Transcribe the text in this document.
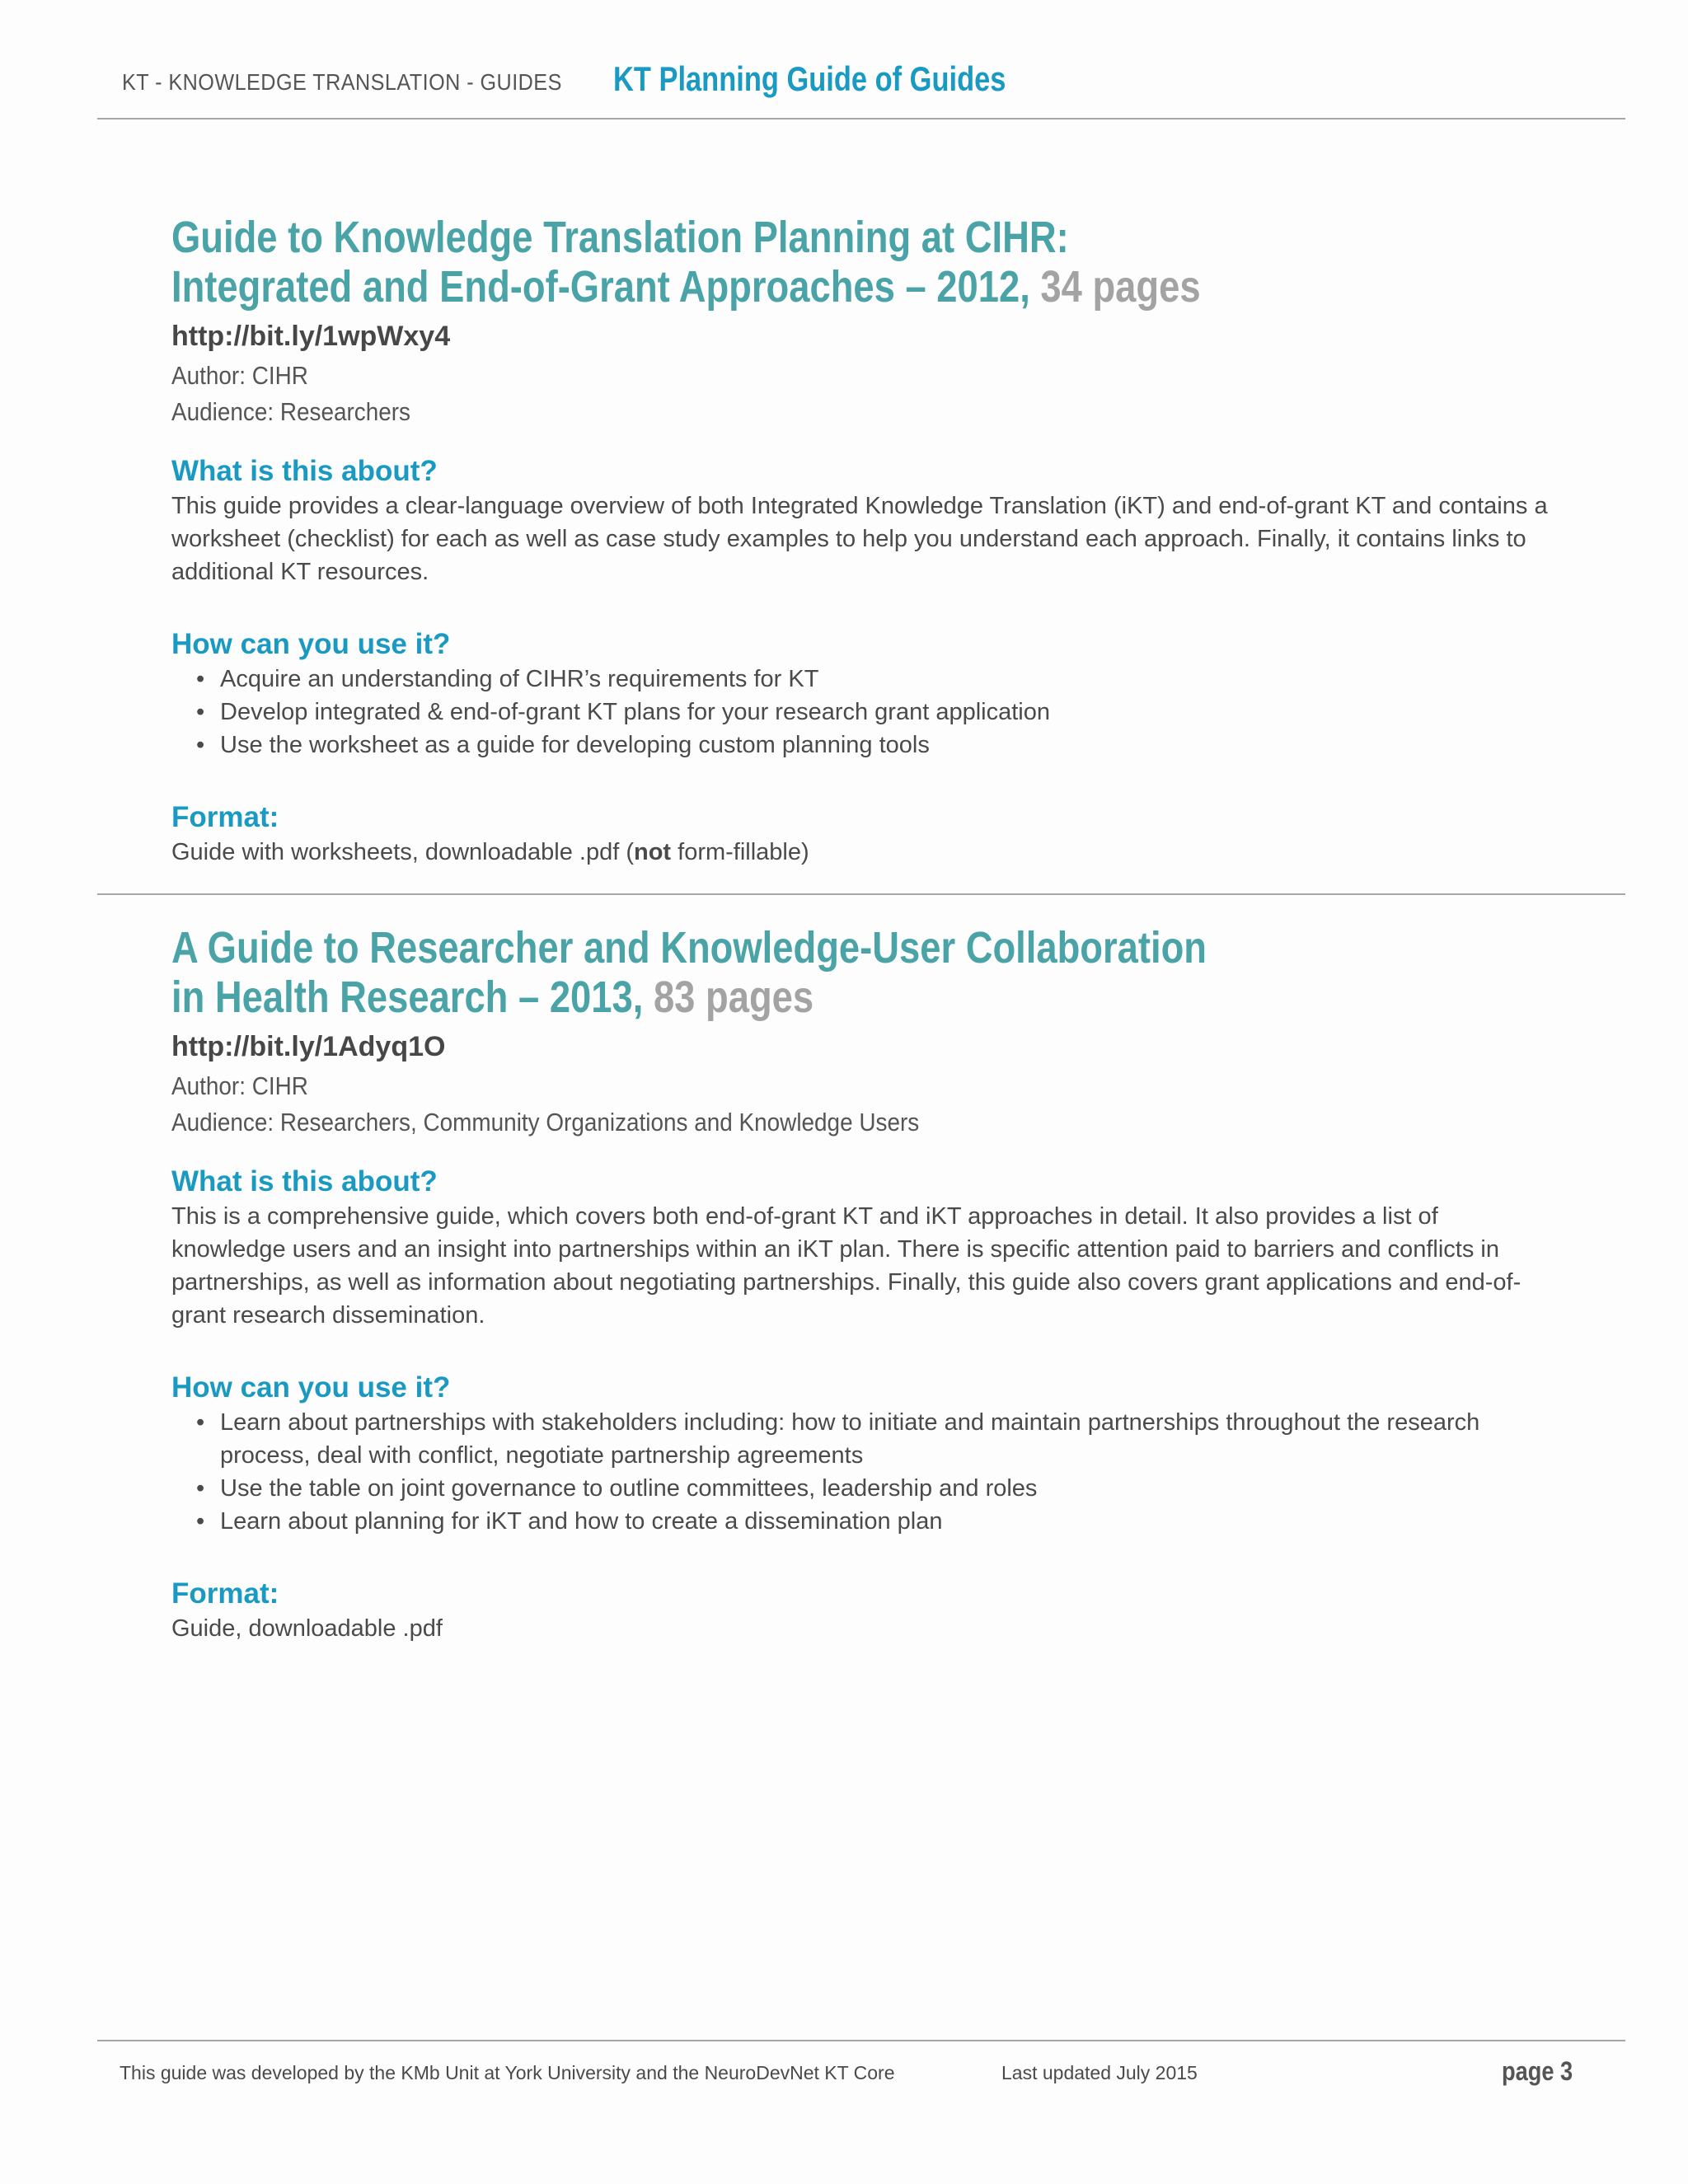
KT - KNOWLEDGE TRANSLATION - GUIDES KT Planning Guide of Guides
Guide to Knowledge Translation Planning at CIHR:
Integrated and End-of-Grant Approaches – 2012, 34 pages
http://bit.ly/1wpWxy4
Author: CIHR
Audience: Researchers
What is this about?
This guide provides a clear-language overview of both Integrated Knowledge Translation (iKT) and end-of-grant KT and contains a worksheet (checklist) for each as well as case study examples to help you understand each approach. Finally, it contains links to additional KT resources.
How can you use it?
• Acquire an understanding of CIHR’s requirements for KT
• Develop integrated & end-of-grant KT plans for your research grant application
• Use the worksheet as a guide for developing custom planning tools
Format:
Guide with worksheets, downloadable .pdf (not form-fillable)
A Guide to Researcher and Knowledge-User Collaboration
in Health Research – 2013, 83 pages
http://bit.ly/1Adyq1O
Author: CIHR
Audience: Researchers, Community Organizations and Knowledge Users
What is this about?
This is a comprehensive guide, which covers both end-of-grant KT and iKT approaches in detail. It also provides a list of knowledge users and an insight into partnerships within an iKT plan. There is specific attention paid to barriers and conflicts in partnerships, as well as information about negotiating partnerships. Finally, this guide also covers grant applications and end-of-grant research dissemination.
How can you use it?
• Learn about partnerships with stakeholders including: how to initiate and maintain partnerships throughout the research process, deal with conflict, negotiate partnership agreements
• Use the table on joint governance to outline committees, leadership and roles
• Learn about planning for iKT and how to create a dissemination plan
Format:
Guide, downloadable .pdf
This guide was developed by the KMb Unit at York University and the NeuroDevNet KT Core	Last updated July 2015	page 3
